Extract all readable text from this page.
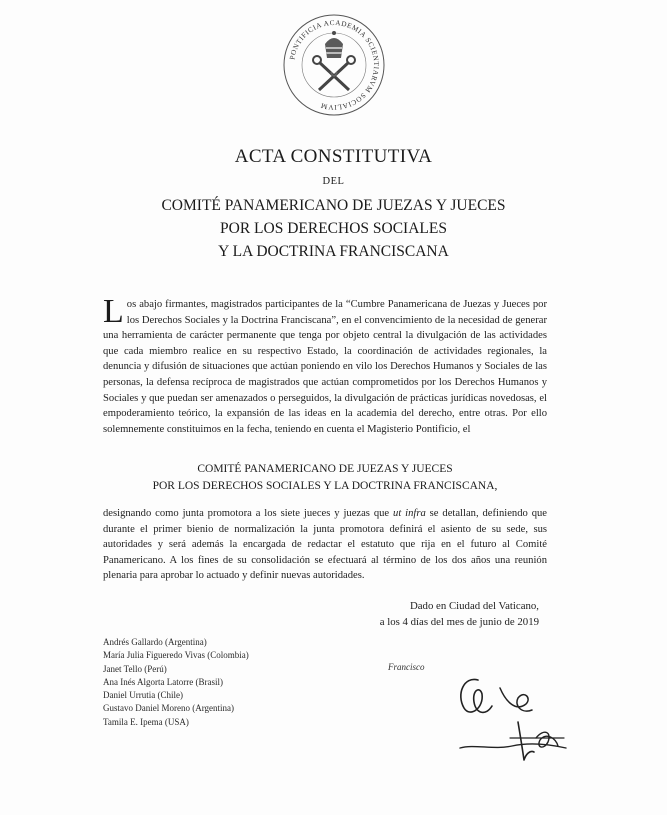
PONTIFICIA ACADEMIA SCIENTIARVM SOCIALIVM
ACTA CONSTITUTIVA
DEL
COMITÉ PANAMERICANO DE JUEZAS Y JUECES
POR LOS DERECHOS SOCIALES
Y LA DOCTRINA FRANCISCANA
Los abajo firmantes, magistrados participantes de la “Cumbre Panamericana de Juezas y Jueces por los Derechos Sociales y la Doctrina Franciscana”, en el convencimiento de la necesidad de generar una herramienta de carácter permanente que tenga por objeto central la divulgación de las actividades que cada miembro realice en su respectivo Estado, la coordinación de actividades regionales, la denuncia y difusión de situaciones que actúan poniendo en vilo los Derechos Humanos y Sociales de las personas, la defensa recíproca de magistrados que actúan comprometidos por los Derechos Humanos y Sociales y que puedan ser amenazados o perseguidos, la divulgación de prácticas jurídicas novedosas, el empoderamiento teórico, la expansión de las ideas en la academia del derecho, entre otras. Por ello solemnemente constituimos en la fecha, teniendo en cuenta el Magisterio Pontificio, el
COMITÉ PANAMERICANO DE JUEZAS Y JUECES
POR LOS DERECHOS SOCIALES Y LA DOCTRINA FRANCISCANA,
designando como junta promotora a los siete jueces y juezas que ut infra se detallan, definiendo que durante el primer bienio de normalización la junta promotora definirá el asiento de su sede, sus autoridades y será además la encargada de redactar el estatuto que rija en el futuro al Comité Panamericano. A los fines de su consolidación se efectuará al término de los dos años una reunión plenaria para aprobar lo actuado y definir nuevas autoridades.
Dado en Ciudad del Vaticano,
a los 4 días del mes de junio de 2019
Andrés Gallardo (Argentina)
María Julia Figueredo Vivas (Colombia)
Janet Tello (Perú)
Ana Inés Algorta Latorre (Brasil)
Daniel Urrutia (Chile)
Gustavo Daniel Moreno (Argentina)
Tamila E. Ipema (USA)
Francisco
